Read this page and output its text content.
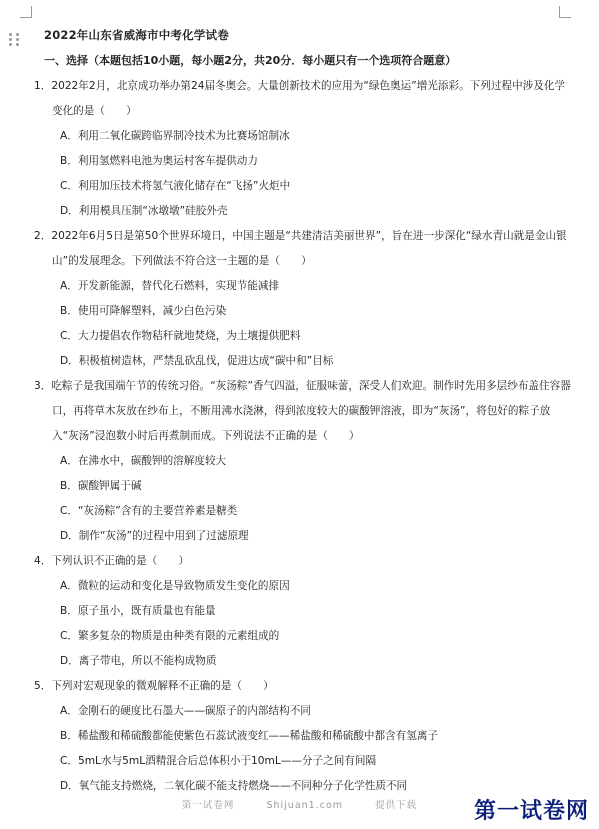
2022年山东省威海市中考化学试卷
一、选择（本题包括10小题，每小题2分，共20分．每小题只有一个选项符合题意）
1．2022年2月，北京成功举办第24届冬奥会。大量创新技术的应用为“绿色奥运”增光添彩。下列过程中涉及化学变化的是（　　）
A．利用二氧化碳跨临界制冷技术为比赛场馆制冰
B．利用氢燃料电池为奥运村客车提供动力
C．利用加压技术将氢气液化储存在“飞扬”火炬中
D．利用模具压制“冰墩墩”硅胶外壳
2．2022年6月5日是第50个世界环境日，中国主题是“共建清洁美丽世界”，旨在进一步深化“绿水青山就是金山银山”的发展理念。下列做法不符合这一主题的是（　　）
A．开发新能源，替代化石燃料，实现节能减排
B．使用可降解塑料，减少白色污染
C．大力提倡农作物秸秆就地焚烧，为土壤提供肥料
D．积极植树造林，严禁乱砍乱伐，促进达成“碳中和”目标
3．吃粽子是我国端午节的传统习俗。“灰汤粽”香气四溢，征服味蕾，深受人们欢迎。制作时先用多层纱布盖住容器口，再将草木灰放在纱布上，不断用沸水浇淋，得到浓度较大的碳酸钾溶液，即为“灰汤”，将包好的粽子放入“灰汤”浸泡数小时后再煮制而成。下列说法不正确的是（　　）
A．在沸水中，碳酸钾的溶解度较大
B．碳酸钾属于碱
C．“灰汤粽”含有的主要营养素是糖类
D．制作“灰汤”的过程中用到了过滤原理
4．下列认识不正确的是（　　）
A．微粒的运动和变化是导致物质发生变化的原因
B．原子虽小，既有质量也有能量
C．繁多复杂的物质是由种类有限的元素组成的
D．离子带电，所以不能构成物质
5．下列对宏观现象的微观解释不正确的是（　　）
A．金刚石的硬度比石墨大——碳原子的内部结构不同
B．稀盐酸和稀硫酸都能使紫色石蕊试液变红——稀盐酸和稀硫酸中都含有氢离子
C．5mL水与5mL酒精混合后总体积小于10mL——分子之间有间隔
D．氧气能支持燃烧，二氧化碳不能支持燃烧——不同种分子化学性质不同
第一试卷网	Shijuan1.com	提供下载	第一试卷网
